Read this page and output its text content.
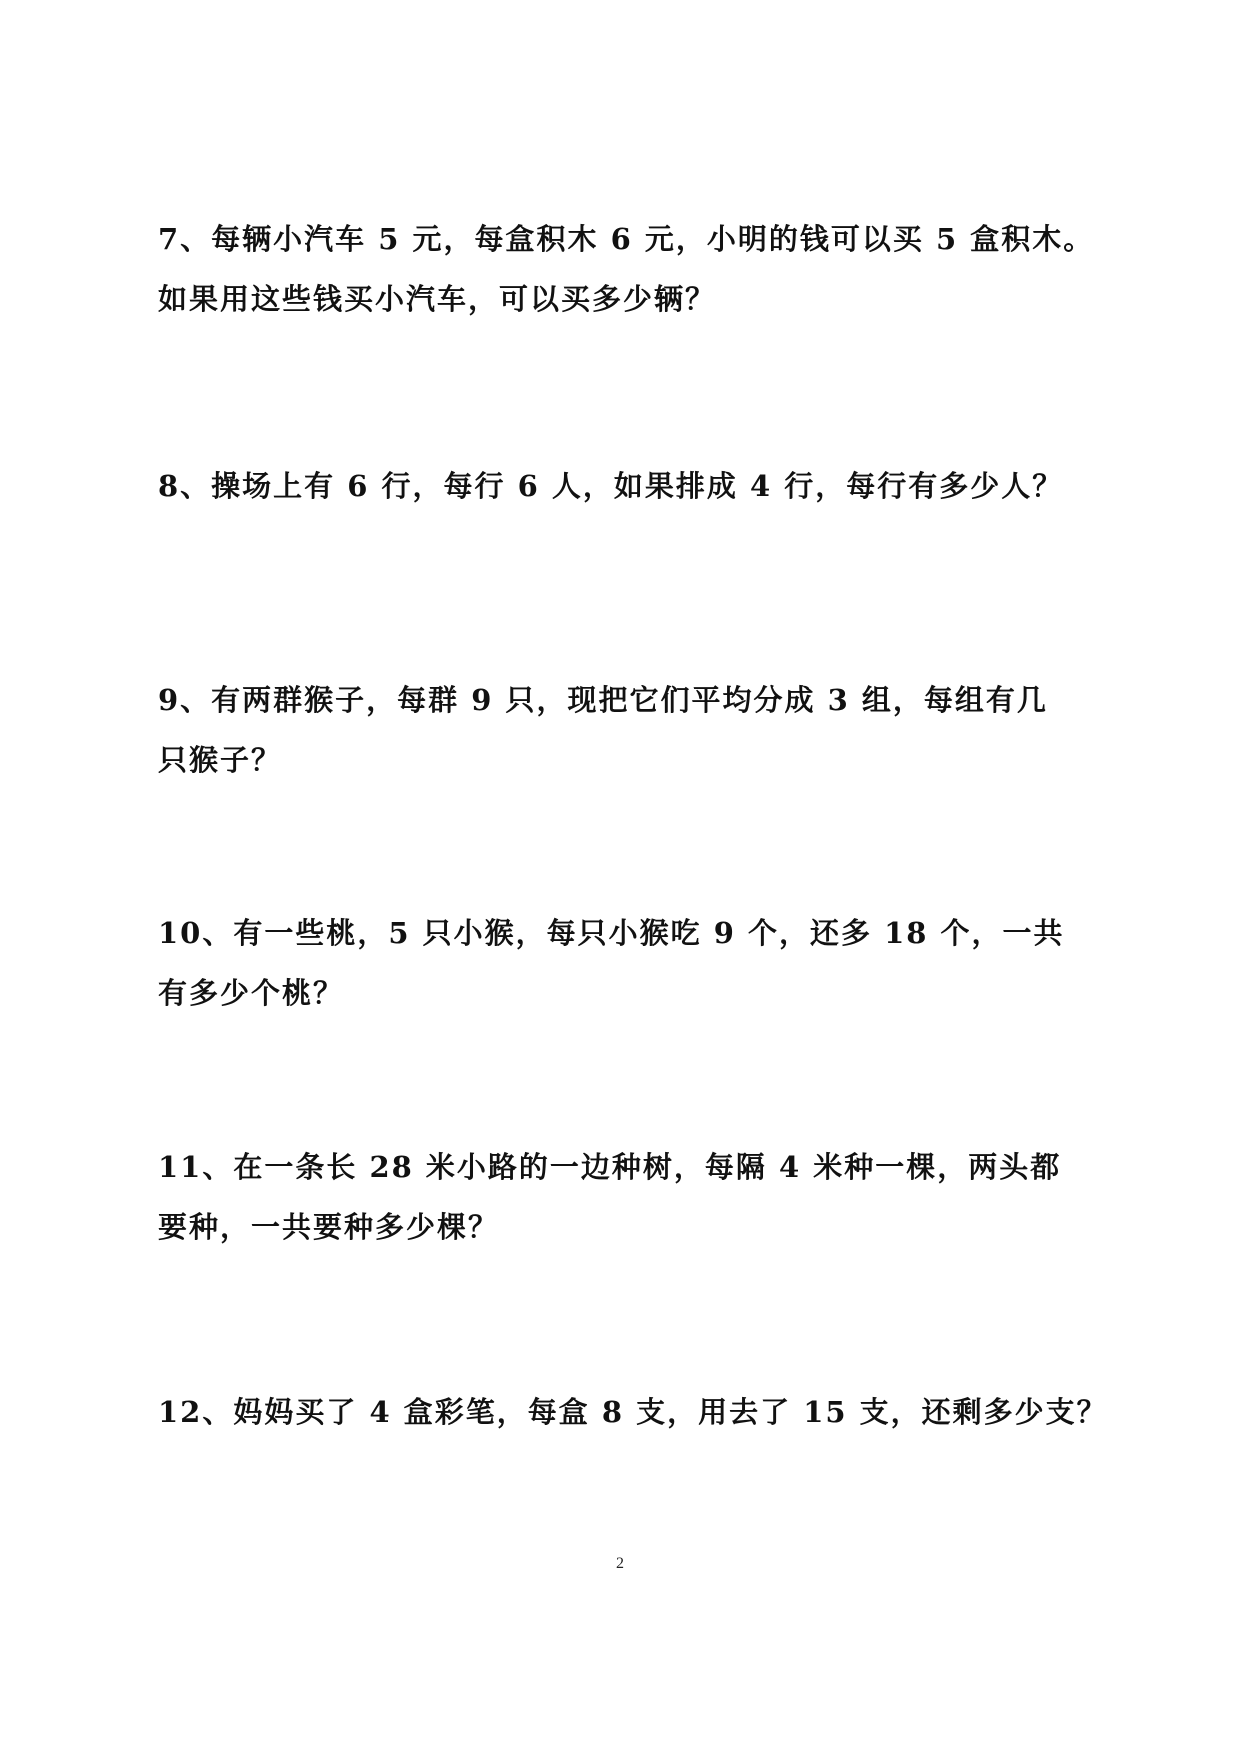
7、每辆小汽车 5 元，每盒积木 6 元，小明的钱可以买 5 盒积木。
如果用这些钱买小汽车，可以买多少辆？
8、操场上有 6 行，每行 6 人，如果排成 4 行，每行有多少人？
9、有两群猴子，每群 9 只，现把它们平均分成 3 组，每组有几
只猴子？
10、有一些桃，5 只小猴，每只小猴吃 9 个，还多 18 个，一共
有多少个桃？
11、在一条长 28 米小路的一边种树，每隔 4 米种一棵，两头都
要种，一共要种多少棵？
12、妈妈买了 4 盒彩笔，每盒 8 支，用去了 15 支，还剩多少支？
2
